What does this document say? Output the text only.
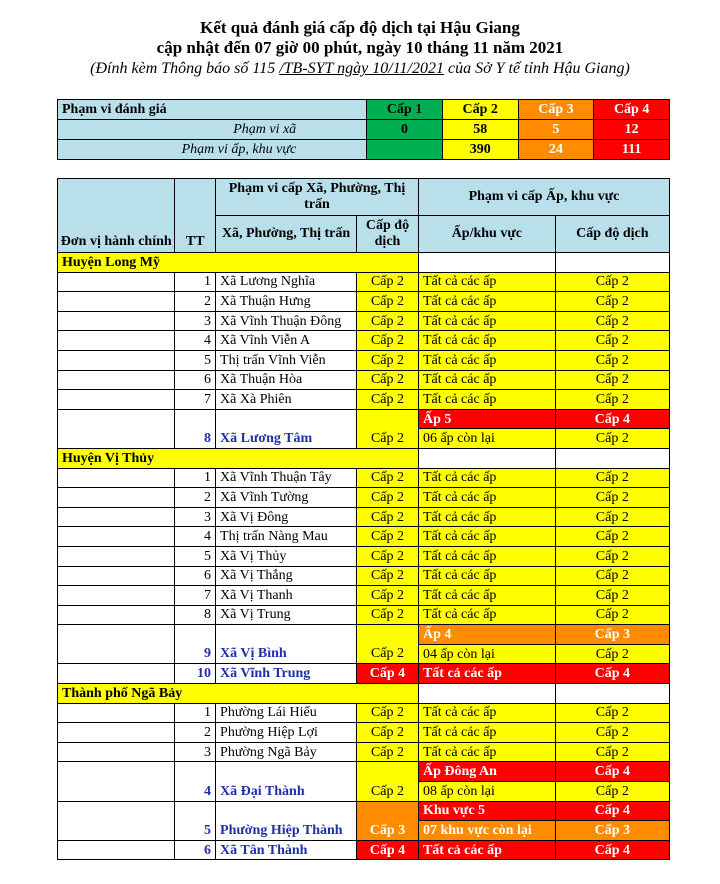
Kết quả đánh giá cấp độ dịch tại Hậu Giang
cập nhật đến 07 giờ 00 phút, ngày 10 tháng 11 năm 2021
(Đính kèm Thông báo số 115 /TB-SYT ngày 10/11/2021 của Sở Y tế tỉnh Hậu Giang)
Phạm vi đánh giá	Cấp 1	Cấp 2	Cấp 3	Cấp 4
Phạm vi xã	0	58	5	12
Phạm vi ấp, khu vực		390	24	111
Đơn vị hành chính	TT	Phạm vi cấp Xã, Phường, Thị trấn		Phạm vi cấp Ấp, khu vực	
		Xã, Phường, Thị trấn	Cấp độ dịch	Ấp/khu vực	Cấp độ dịch
Huyện Long Mỹ					
	1	Xã Lương Nghĩa	Cấp 2	Tất cả các ấp	Cấp 2
	2	Xã Thuận Hưng	Cấp 2	Tất cả các ấp	Cấp 2
	3	Xã Vĩnh Thuận Đông	Cấp 2	Tất cả các ấp	Cấp 2
	4	Xã Vĩnh Viễn A	Cấp 2	Tất cả các ấp	Cấp 2
	5	Thị trấn Vĩnh Viễn	Cấp 2	Tất cả các ấp	Cấp 2
	6	Xã Thuận Hòa	Cấp 2	Tất cả các ấp	Cấp 2
	7	Xã Xà Phiên	Cấp 2	Tất cả các ấp	Cấp 2
				Ấp 5	Cấp 4
	8	Xã Lương Tâm	Cấp 2	06 ấp còn lại	Cấp 2
Huyện Vị Thủy					
	1	Xã Vĩnh Thuận Tây	Cấp 2	Tất cả các ấp	Cấp 2
	2	Xã Vĩnh Tường	Cấp 2	Tất cả các ấp	Cấp 2
	3	Xã Vị Đông	Cấp 2	Tất cả các ấp	Cấp 2
	4	Thị trấn Nàng Mau	Cấp 2	Tất cả các ấp	Cấp 2
	5	Xã Vị Thủy	Cấp 2	Tất cả các ấp	Cấp 2
	6	Xã Vị Thắng	Cấp 2	Tất cả các ấp	Cấp 2
	7	Xã Vị Thanh	Cấp 2	Tất cả các ấp	Cấp 2
	8	Xã Vị Trung	Cấp 2	Tất cả các ấp	Cấp 2
				Ấp 4	Cấp 3
	9	Xã Vị Bình	Cấp 2	04 ấp còn lại	Cấp 2
	10	Xã Vĩnh Trung	Cấp 4	Tất cả các ấp	Cấp 4
Thành phố Ngã Bảy					
	1	Phường Lái Hiếu	Cấp 2	Tất cả các ấp	Cấp 2
	2	Phường Hiệp Lợi	Cấp 2	Tất cả các ấp	Cấp 2
	3	Phường Ngã Bảy	Cấp 2	Tất cả các ấp	Cấp 2
				Ấp Đông An	Cấp 4
	4	Xã Đại Thành	Cấp 2	08 ấp còn lại	Cấp 2
				Khu vực 5	Cấp 4
	5	Phường Hiệp Thành	Cấp 3	07 khu vực còn lại	Cấp 3
	6	Xã Tân Thành	Cấp 4	Tất cả các ấp	Cấp 4
